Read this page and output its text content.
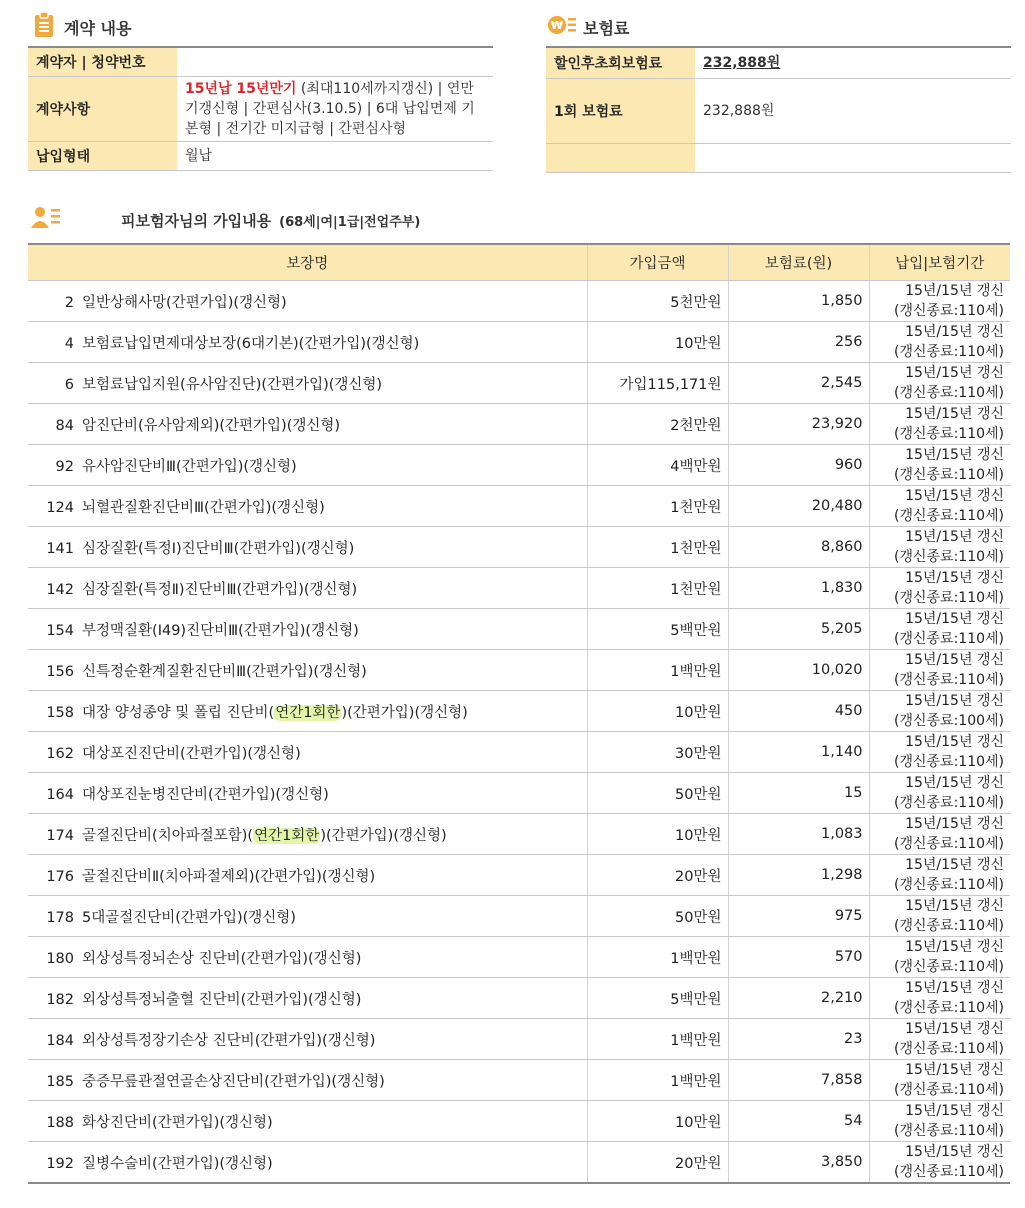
계약 내용
계약자 | 청약번호	
계약사항	15년납 15년만기 (최대110세까지갱신) | 연만기갱신형 | 간편심사(3.10.5) | 6대 납입면제 기본형 | 전기간 미지급형 | 간편심사형
납입형태	월납
₩ 보험료
할인후초회보험료	232,888원
1회 보험료	232,888원

피보험자님의 가입내용 (68세|여|1급|전업주부)
보장명	가입금액	보험료(원)	납입|보험기간
2 일반상해사망(간편가입)(갱신형)	5천만원	1,850	15년/15년 갱신
(갱신종료:110세)

4 보험료납입면제대상보장(6대기본)(간편가입)(갱신형)	10만원	256	15년/15년 갱신
(갱신종료:110세)

6 보험료납입지원(유사암진단)(간편가입)(갱신형)	가입115,171원	2,545	15년/15년 갱신
(갱신종료:110세)

84 암진단비(유사암제외)(간편가입)(갱신형)	2천만원	23,920	15년/15년 갱신
(갱신종료:110세)

92 유사암진단비Ⅲ(간편가입)(갱신형)	4백만원	960	15년/15년 갱신
(갱신종료:110세)

124 뇌혈관질환진단비Ⅲ(간편가입)(갱신형)	1천만원	20,480	15년/15년 갱신
(갱신종료:110세)

141 심장질환(특정Ⅰ)진단비Ⅲ(간편가입)(갱신형)	1천만원	8,860	15년/15년 갱신
(갱신종료:110세)

142 심장질환(특정Ⅱ)진단비Ⅲ(간편가입)(갱신형)	1천만원	1,830	15년/15년 갱신
(갱신종료:110세)

154 부정맥질환(Ⅰ49)진단비Ⅲ(간편가입)(갱신형)	5백만원	5,205	15년/15년 갱신
(갱신종료:110세)

156 신특정순환계질환진단비Ⅲ(간편가입)(갱신형)	1백만원	10,020	15년/15년 갱신
(갱신종료:110세)

158 대장 양성종양 및 폴립 진단비(연간1회한)(간편가입)(갱신형)	10만원	450	15년/15년 갱신
(갱신종료:100세)

162 대상포진진단비(간편가입)(갱신형)	30만원	1,140	15년/15년 갱신
(갱신종료:110세)

164 대상포진눈병진단비(간편가입)(갱신형)	50만원	15	15년/15년 갱신
(갱신종료:110세)

174 골절진단비(치아파절포함)(연간1회한)(간편가입)(갱신형)	10만원	1,083	15년/15년 갱신
(갱신종료:110세)

176 골절진단비Ⅱ(치아파절제외)(간편가입)(갱신형)	20만원	1,298	15년/15년 갱신
(갱신종료:110세)

178 5대골절진단비(간편가입)(갱신형)	50만원	975	15년/15년 갱신
(갱신종료:110세)

180 외상성특정뇌손상 진단비(간편가입)(갱신형)	1백만원	570	15년/15년 갱신
(갱신종료:110세)

182 외상성특정뇌출혈 진단비(간편가입)(갱신형)	5백만원	2,210	15년/15년 갱신
(갱신종료:110세)

184 외상성특정장기손상 진단비(간편가입)(갱신형)	1백만원	23	15년/15년 갱신
(갱신종료:110세)

185 중증무릎관절연골손상진단비(간편가입)(갱신형)	1백만원	7,858	15년/15년 갱신
(갱신종료:110세)

188 화상진단비(간편가입)(갱신형)	10만원	54	15년/15년 갱신
(갱신종료:110세)

192 질병수술비(간편가입)(갱신형)	20만원	3,850	15년/15년 갱신
(갱신종료:110세)
